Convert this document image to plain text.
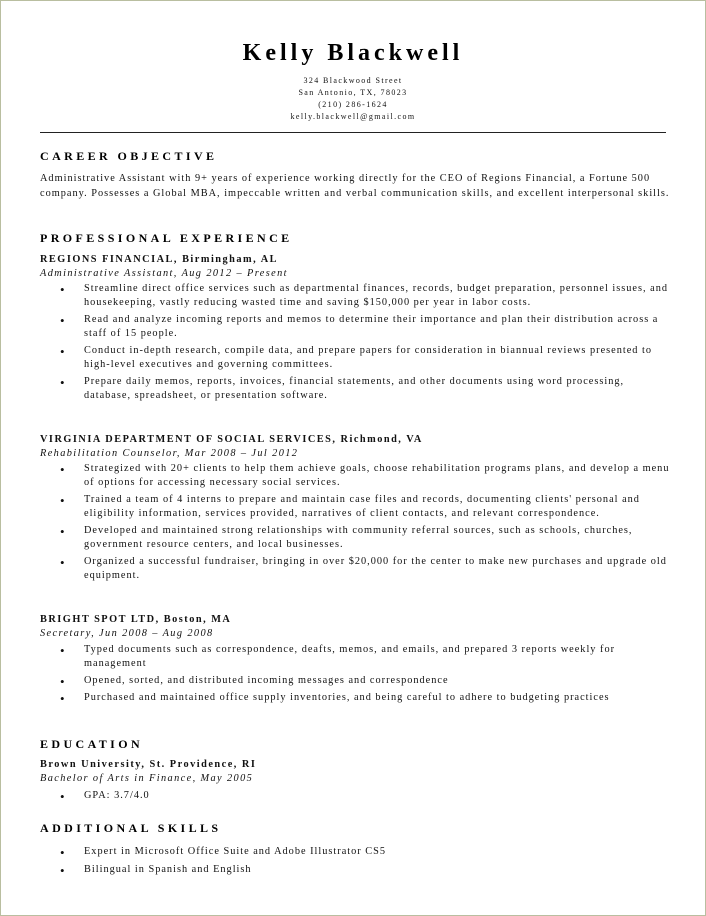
Kelly Blackwell
324 Blackwood Street
San Antonio, TX, 78023
(210) 286-1624
kelly.blackwell@gmail.com
CAREER OBJECTIVE
Administrative Assistant with 9+ years of experience working directly for the CEO of Regions Financial, a Fortune 500 company. Possesses a Global MBA, impeccable written and verbal communication skills, and excellent interpersonal skills.
PROFESSIONAL EXPERIENCE
REGIONS FINANCIAL, Birmingham, AL
Administrative Assistant, Aug 2012 – Present
• Streamline direct office services such as departmental finances, records, budget preparation, personnel issues, and housekeeping, vastly reducing wasted time and saving $150,000 per year in labor costs.
• Read and analyze incoming reports and memos to determine their importance and plan their distribution across a staff of 15 people.
• Conduct in-depth research, compile data, and prepare papers for consideration in biannual reviews presented to high-level executives and governing committees.
• Prepare daily memos, reports, invoices, financial statements, and other documents using word processing, database, spreadsheet, or presentation software.
VIRGINIA DEPARTMENT OF SOCIAL SERVICES, Richmond, VA
Rehabilitation Counselor, Mar 2008 – Jul 2012
• Strategized with 20+ clients to help them achieve goals, choose rehabilitation programs plans, and develop a menu of options for accessing necessary social services.
• Trained a team of 4 interns to prepare and maintain case files and records, documenting clients' personal and eligibility information, services provided, narratives of client contacts, and relevant correspondence.
• Developed and maintained strong relationships with community referral sources, such as schools, churches, government resource centers, and local businesses.
• Organized a successful fundraiser, bringing in over $20,000 for the center to make new purchases and upgrade old equipment.
BRIGHT SPOT LTD, Boston, MA
Secretary, Jun 2008 – Aug 2008
• Typed documents such as correspondence, deafts, memos, and emails, and prepared 3 reports weekly for management
• Opened, sorted, and distributed incoming messages and correspondence
• Purchased and maintained office supply inventories, and being careful to adhere to budgeting practices
EDUCATION
Brown University, St. Providence, RI
Bachelor of Arts in Finance, May 2005
• GPA: 3.7/4.0
ADDITIONAL SKILLS
• Expert in Microsoft Office Suite and Adobe Illustrator CS5
• Bilingual in Spanish and English
